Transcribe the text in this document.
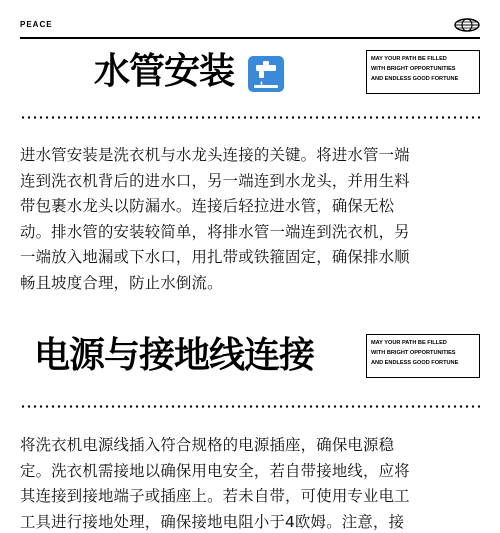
PEACE
水管安装	MAY YOUR PATH BE FILLED
WITH BRIGHT OPPORTUNITIES
AND ENDLESS GOOD FORTUNE
进水管安装是洗衣机与水龙头连接的关键。将进水管一端
连到洗衣机背后的进水口，另一端连到水龙头，并用生料
带包裹水龙头以防漏水。连接后轻拉进水管，确保无松
动。排水管的安装较简单，将排水管一端连到洗衣机，另
一端放入地漏或下水口，用扎带或铁箍固定，确保排水顺
畅且坡度合理，防止水倒流。
电源与接地线连接	MAY YOUR PATH BE FILLED
WITH BRIGHT OPPORTUNITIES
AND ENDLESS GOOD FORTUNE
将洗衣机电源线插入符合规格的电源插座，确保电源稳
定。洗衣机需接地以确保用电安全，若自带接地线，应将
其连接到接地端子或插座上。若未自带，可使用专业电工
工具进行接地处理，确保接地电阻小于4欧姆。注意，接
